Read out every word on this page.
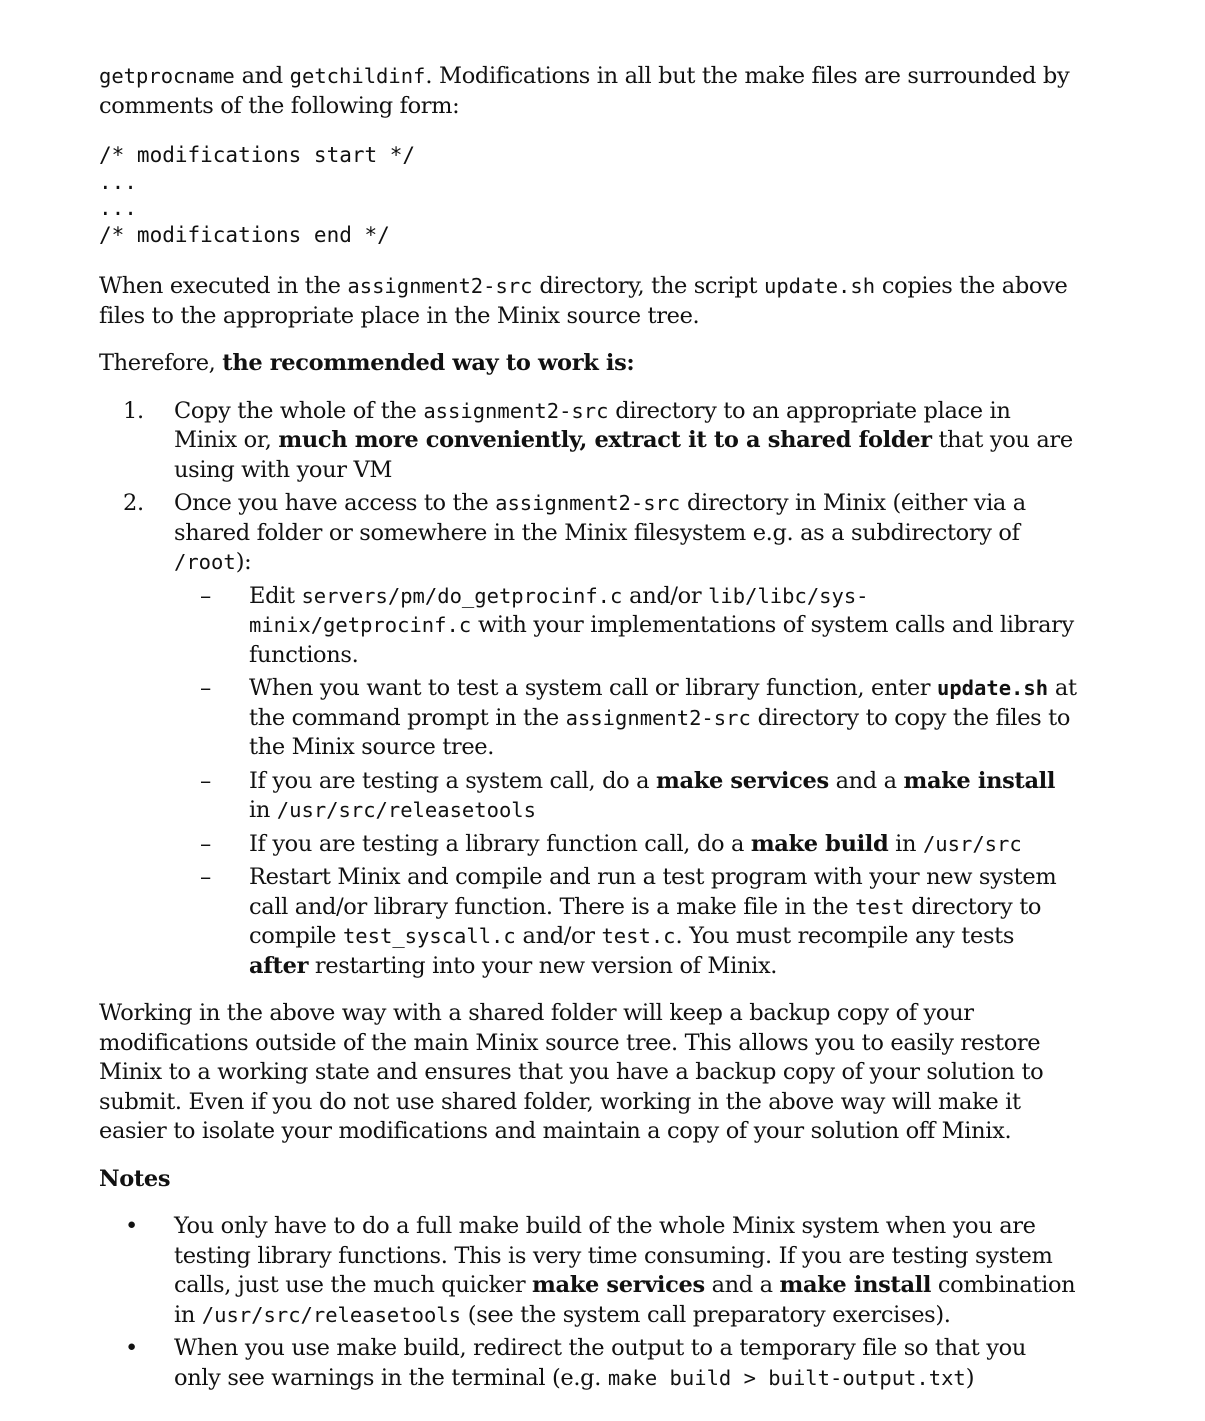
getprocname and getchildinf. Modifications in all but the make files are surrounded by comments of the following form:

/* modifications start */
...
...
/* modifications end */

When executed in the assignment2-src directory, the script update.sh copies the above files to the appropriate place in the Minix source tree.

Therefore, the recommended way to work is:

1. Copy the whole of the assignment2-src directory to an appropriate place in Minix or, much more conveniently, extract it to a shared folder that you are using with your VM
2. Once you have access to the assignment2-src directory in Minix (either via a shared folder or somewhere in the Minix filesystem e.g. as a subdirectory of /root):
– Edit servers/pm/do_getprocinf.c and/or lib/libc/sys-minix/getprocinf.c with your implementations of system calls and library functions.
– When you want to test a system call or library function, enter update.sh at the command prompt in the assignment2-src directory to copy the files to the Minix source tree.
– If you are testing a system call, do a make services and a make install in /usr/src/releasetools
– If you are testing a library function call, do a make build in /usr/src
– Restart Minix and compile and run a test program with your new system call and/or library function. There is a make file in the test directory to compile test_syscall.c and/or test.c. You must recompile any tests after restarting into your new version of Minix.

Working in the above way with a shared folder will keep a backup copy of your modifications outside of the main Minix source tree. This allows you to easily restore Minix to a working state and ensures that you have a backup copy of your solution to submit. Even if you do not use shared folder, working in the above way will make it easier to isolate your modifications and maintain a copy of your solution off Minix.

Notes
• You only have to do a full make build of the whole Minix system when you are testing library functions. This is very time consuming. If you are testing system calls, just use the much quicker make services and a make install combination in /usr/src/releasetools (see the system call preparatory exercises).
• When you use make build, redirect the output to a temporary file so that you only see warnings in the terminal (e.g. make build > built-output.txt)
